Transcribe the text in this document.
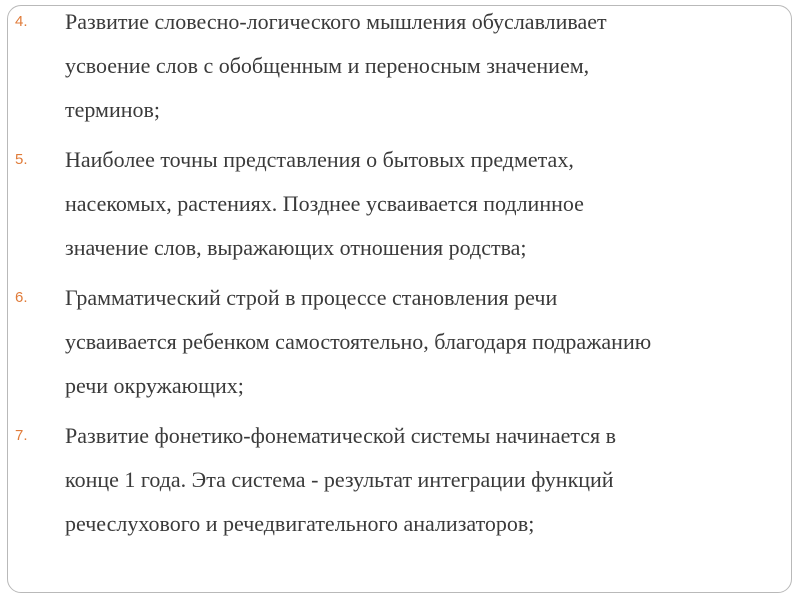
4. Развитие словесно-логического мышления обуславливает
усвоение слов с обобщенным и переносным значением,
терминов;

5. Наиболее точны представления о бытовых предметах,
насекомых, растениях. Позднее усваивается подлинное
значение слов, выражающих отношения родства;

6. Грамматический строй в процессе становления речи
усваивается ребенком самостоятельно, благодаря подражанию
речи окружающих;

7. Развитие фонетико-фонематической системы начинается в
конце 1 года. Эта система - результат интеграции функций
речеслухового и речедвигательного анализаторов;
